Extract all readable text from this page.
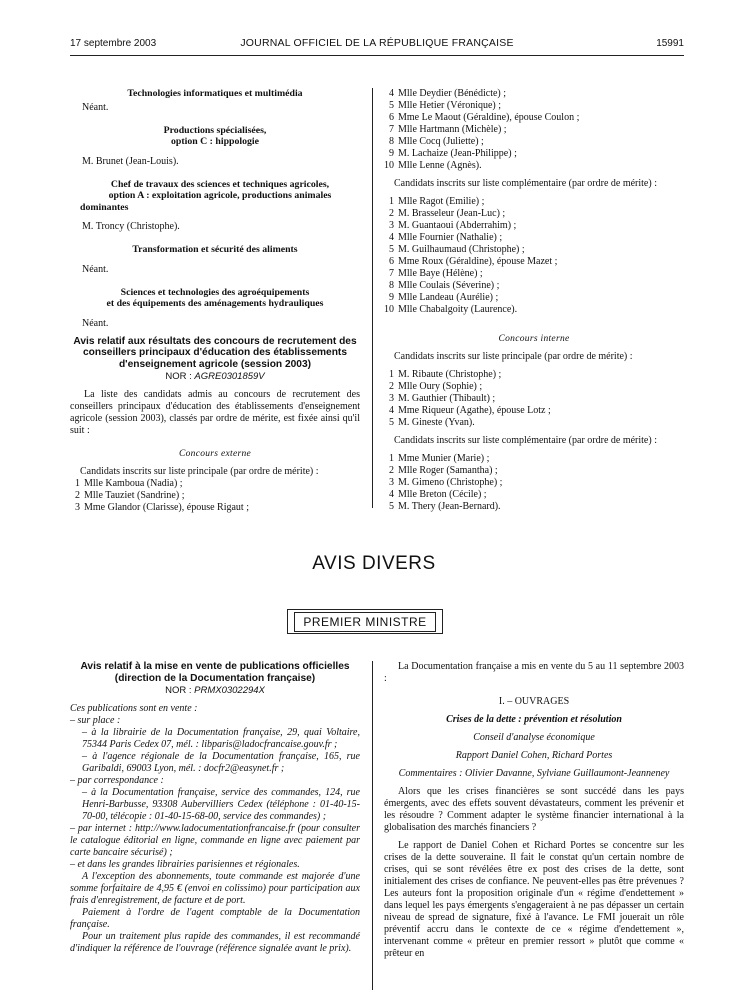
17 septembre 2003	JOURNAL OFFICIEL DE LA RÉPUBLIQUE FRANÇAISE	15991
Technologies informatiques et multimédia
Néant.
Productions spécialisées,
option C : hippologie
M. Brunet (Jean-Louis).
Chef de travaux des sciences et techniques agricoles,
option A : exploitation agricole, productions animales
dominantes
M. Troncy (Christophe).
Transformation et sécurité des aliments
Néant.
Sciences et technologies des agroéquipements
et des équipements des aménagements hydrauliques
Néant.
Avis relatif aux résultats des concours de recrutement des
conseillers principaux d'éducation des établissements
d'enseignement agricole (session 2003)
NOR : AGRE0301859V
La liste des candidats admis au concours de recrutement des conseillers principaux d'éducation des établissements d'enseignement agricole (session 2003), classés par ordre de mérite, est fixée ainsi qu'il suit :
Concours externe
Candidats inscrits sur liste principale (par ordre de mérite) :
1 Mlle Kamboua (Nadia) ;
2 Mlle Tauziet (Sandrine) ;
3 Mme Glandor (Clarisse), épouse Rigaut ;
4 Mlle Deydier (Bénédicte) ;
5 Mlle Hetier (Véronique) ;
6 Mme Le Maout (Géraldine), épouse Coulon ;
7 Mlle Hartmann (Michèle) ;
8 Mlle Cocq (Juliette) ;
9 M. Lachaize (Jean-Philippe) ;
10 Mlle Lenne (Agnès).
Candidats inscrits sur liste complémentaire (par ordre de mérite) :
1 Mlle Ragot (Emilie) ;
2 M. Brasseleur (Jean-Luc) ;
3 M. Guantaoui (Abderrahim) ;
4 Mlle Fournier (Nathalie) ;
5 M. Guilhaumaud (Christophe) ;
6 Mme Roux (Géraldine), épouse Mazet ;
7 Mlle Baye (Hélène) ;
8 Mlle Coulais (Séverine) ;
9 Mlle Landeau (Aurélie) ;
10 Mlle Chabalgoity (Laurence).
Concours interne
Candidats inscrits sur liste principale (par ordre de mérite) :
1 M. Ribaute (Christophe) ;
2 Mlle Oury (Sophie) ;
3 M. Gauthier (Thibault) ;
4 Mme Riqueur (Agathe), épouse Lotz ;
5 M. Gineste (Yvan).
Candidats inscrits sur liste complémentaire (par ordre de mérite) :
1 Mme Munier (Marie) ;
2 Mlle Roger (Samantha) ;
3 M. Gimeno (Christophe) ;
4 Mlle Breton (Cécile) ;
5 M. Thery (Jean-Bernard).
AVIS DIVERS
PREMIER MINISTRE
Avis relatif à la mise en vente de publications officielles
(direction de la Documentation française)
NOR : PRMX0302294X
Ces publications sont en vente :
– sur place :
– à la librairie de la Documentation française, 29, quai Voltaire, 75344 Paris Cedex 07, mél. : libparis@ladocfrancaise.gouv.fr ;
– à l'agence régionale de la Documentation française, 165, rue Garibaldi, 69003 Lyon, mél. : docfr2@easynet.fr ;
– par correspondance :
– à la Documentation française, service des commandes, 124, rue Henri-Barbusse, 93308 Aubervilliers Cedex (téléphone : 01-40-15-70-00, télécopie : 01-40-15-68-00, service des commandes) ;
– par internet : http://www.ladocumentationfrancaise.fr (pour consulter le catalogue éditorial en ligne, commande en ligne avec paiement par carte bancaire sécurisé) ;
– et dans les grandes librairies parisiennes et régionales.
A l'exception des abonnements, toute commande est majorée d'une somme forfaitaire de 4,95 € (envoi en colissimo) pour participation aux frais d'enregistrement, de facture et de port.
Paiement à l'ordre de l'agent comptable de la Documentation française.
Pour un traitement plus rapide des commandes, il est recommandé d'indiquer la référence de l'ouvrage (référence signalée avant le prix).
La Documentation française a mis en vente du 5 au 11 septembre 2003 :
I. – OUVRAGES
Crises de la dette : prévention et résolution
Conseil d'analyse économique
Rapport Daniel Cohen, Richard Portes
Commentaires : Olivier Davanne, Sylviane Guillaumont-Jeanneney
Alors que les crises financières se sont succédé dans les pays émergents, avec des effets souvent dévastateurs, comment les prévenir et les résoudre ? Comment adapter le système financier international à la globalisation des marchés financiers ?
Le rapport de Daniel Cohen et Richard Portes se concentre sur les crises de la dette souveraine. Il fait le constat qu'un certain nombre de crises, qui se sont révélées être ex post des crises de la dette, sont initialement des crises de confiance. Ne peuvent-elles pas être prévenues ? Les auteurs font la proposition originale d'un « régime d'endettement » dans lequel les pays émergents s'engageraient à ne pas dépasser un certain niveau de spread de signature, fixé à l'avance. Le FMI jouerait un rôle préventif accru dans le contexte de ce « régime d'endettement », intervenant comme « prêteur en premier ressort » plutôt que comme « prêteur en
